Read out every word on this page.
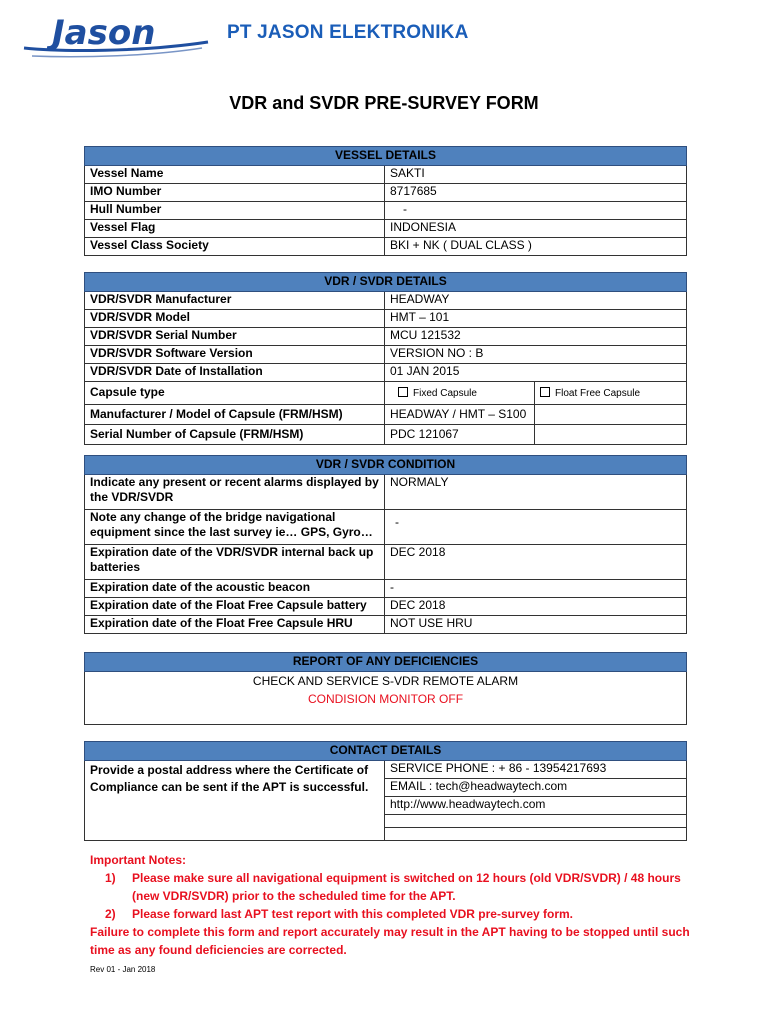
Jason	PT JASON ELEKTRONIKA
VDR and SVDR PRE-SURVEY FORM
VESSEL DETAILS	
Vessel Name	SAKTI
IMO Number	8717685
Hull Number	-
Vessel Flag	INDONESIA
Vessel Class Society	BKI + NK ( DUAL CLASS )
VDR / SVDR DETAILS		
VDR/SVDR Manufacturer	HEADWAY	
VDR/SVDR Model	HMT – 101	
VDR/SVDR Serial Number	MCU 121532	
VDR/SVDR Software Version	VERSION NO : B	
VDR/SVDR Date of Installation	01 JAN 2015	
Capsule type	Fixed Capsule	Float Free Capsule
Manufacturer / Model of Capsule (FRM/HSM)	HEADWAY / HMT – S100	
Serial Number of Capsule (FRM/HSM)	PDC 121067	
VDR / SVDR CONDITION	
Indicate any present or recent alarms displayed by the VDR/SVDR	NORMALY
Note any change of the bridge navigational equipment since the last survey ie… GPS, Gyro…	-
Expiration date of the VDR/SVDR internal back up batteries	DEC 2018
Expiration date of the acoustic beacon	-
Expiration date of the Float Free Capsule battery	DEC 2018
Expiration date of the Float Free Capsule HRU	NOT USE HRU
REPORT OF ANY DEFICIENCIES

CHECK AND SERVICE S-VDR REMOTE ALARM
CONDISION MONITOR OFF
CONTACT DETAILS
Provide a postal address where the Certificate of Compliance can be sent if the APT is successful.	SERVICE PHONE : + 86 - 13954217693
EMAIL : tech@headwaytech.com
http://www.headwaytech.com

Important Notes:
1) Please make sure all navigational equipment is switched on 12 hours (old VDR/SVDR) / 48 hours (new VDR/SVDR) prior to the scheduled time for the APT.
2) Please forward last APT test report with this completed VDR pre-survey form.
Failure to complete this form and report accurately may result in the APT having to be stopped until such time as any found deficiencies are corrected.
Rev 01 - Jan 2018
